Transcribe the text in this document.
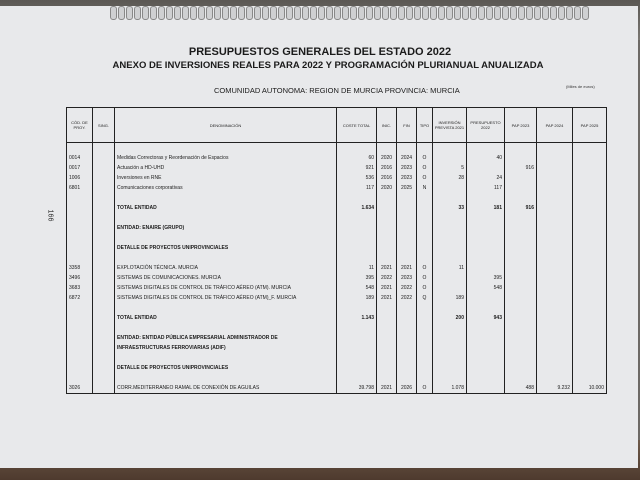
166
PRESUPUESTOS GENERALES DEL ESTADO 2022
ANEXO DE INVERSIONES REALES PARA 2022 Y PROGRAMACIÓN PLURIANUAL ANUALIZADA
(Miles de euros)
COMUNIDAD AUTONOMA: REGION DE MURCIA PROVINCIA: MURCIA
CÓD. DE PROY.	SING.	DENOMINACIÓN	COSTE TOTAL	INIC.	FIN	TIPO	INVERSIÓN PREVISTA 2021	PRESUPUESTO 2022	PAP 2023	PAP 2024	PAP 2025

0014		Medidas Correctoras y Reordenación de Espacios	60	2020	2024	O		40			
0017		Actuación a HD-UHD	921	2016	2023	O	5		916		
1006		Inversiones en RNE	536	2016	2023	O	28	24			
6801		Comunicaciones corporativas	117	2020	2025	N		117			

		TOTAL ENTIDAD	1.634				33	181	916		

		ENTIDAD: ENAIRE (GRUPO)									

		DETALLE DE PROYECTOS UNIPROVINCIALES									

3358		EXPLOTACIÓN TÉCNICA. MURCIA	11	2021	2021	O	11				
3496		SISTEMAS DE COMUNICACIONES. MURCIA	395	2022	2023	O		395			
3683		SISTEMAS DIGITALES DE CONTROL DE TRÁFICO AÉREO (ATM). MURCIA	548	2021	2022	O		548			
6872		SISTEMAS DIGITALES DE CONTROL DE TRÁFICO AÉREO (ATM)_F. MURCIA	189	2021	2022	Q	189				

		TOTAL ENTIDAD	1.143				200	943			

		ENTIDAD: ENTIDAD PÚBLICA EMPRESARIAL ADMINISTRADOR DE									
		INFRAESTRUCTURAS FERROVIARIAS (ADIF)									

		DETALLE DE PROYECTOS UNIPROVINCIALES									

3026		CORR.MEDITERRANEO RAMAL DE CONEXIÓN DE AGUILAS	39.798	2021	2026	O	1.078		488	9.232	10.000
